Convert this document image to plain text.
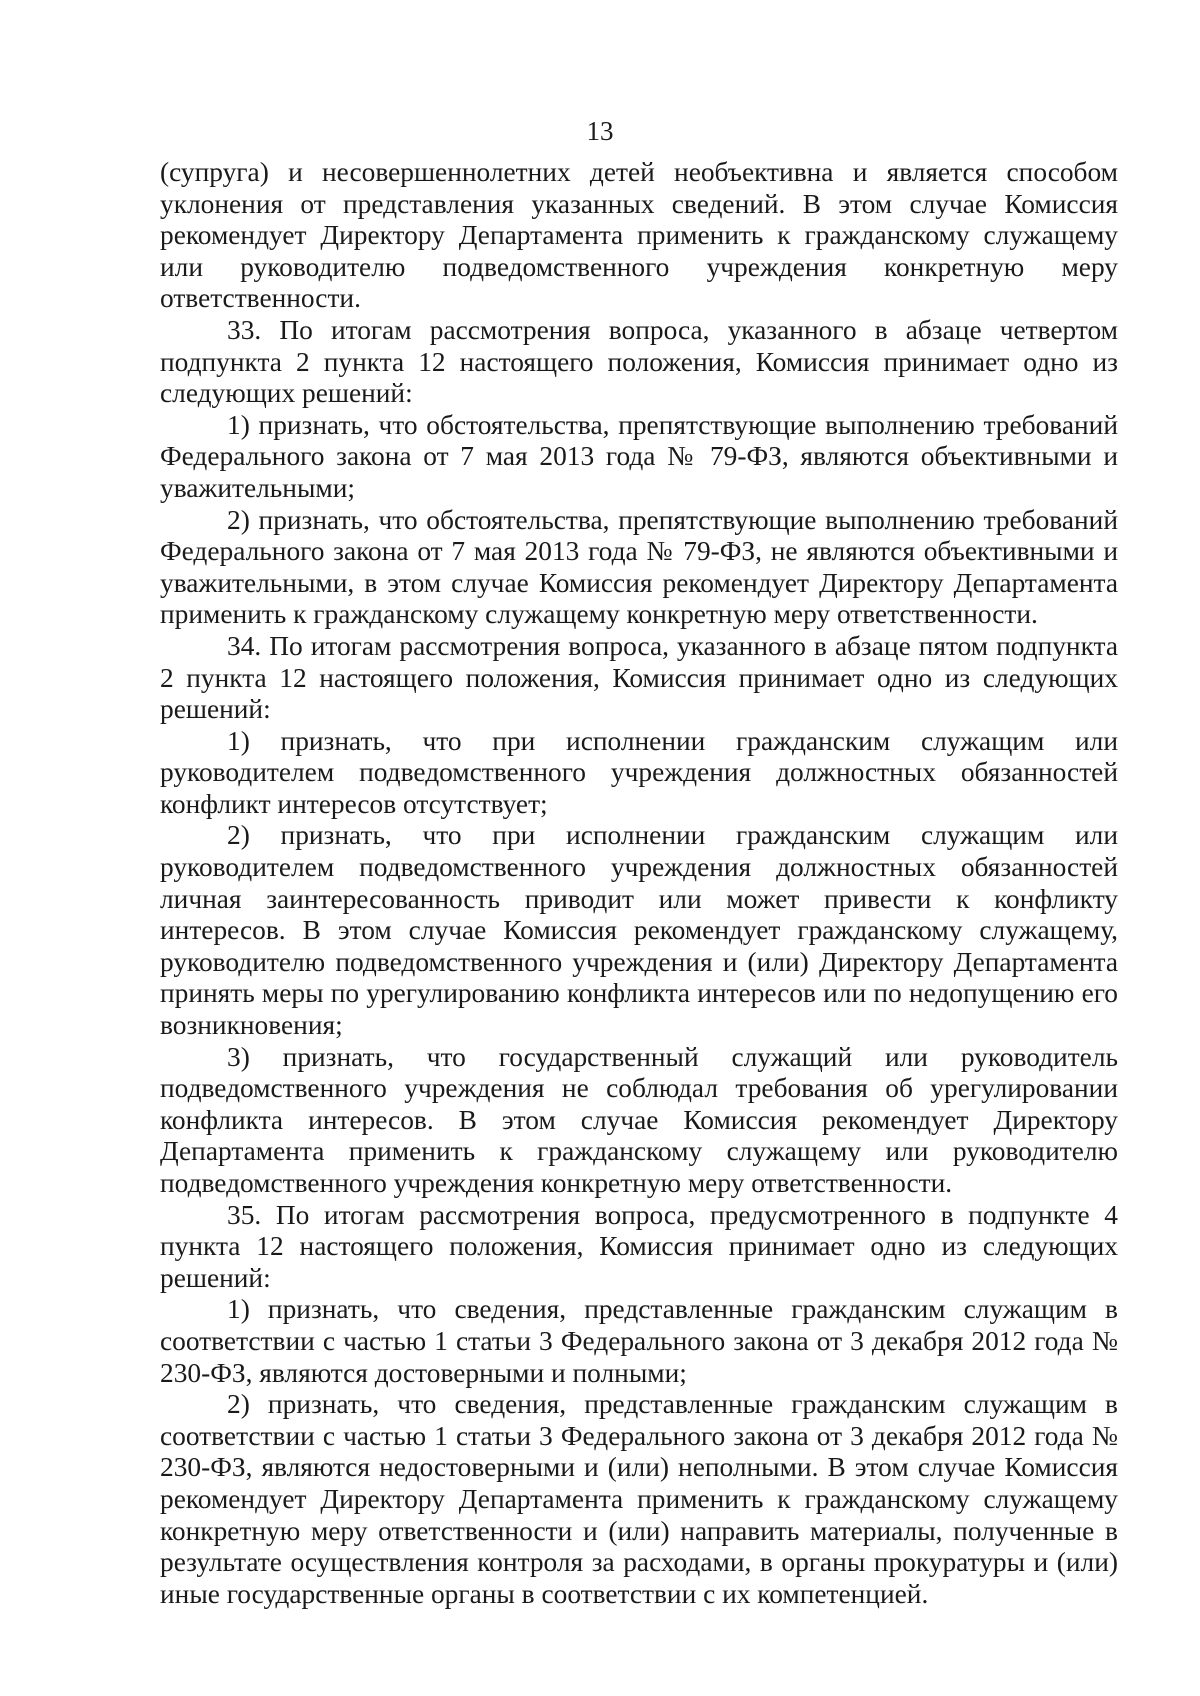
13

(супруга) и несовершеннолетних детей необъективна и является способом уклонения от представления указанных сведений. В этом случае Комиссия рекомендует Директору Департамента применить к гражданскому служащему или руководителю подведомственного учреждения конкретную меру ответственности.

33. По итогам рассмотрения вопроса, указанного в абзаце четвертом подпункта 2 пункта 12 настоящего положения, Комиссия принимает одно из следующих решений:

1) признать, что обстоятельства, препятствующие выполнению требований Федерального закона от 7 мая 2013 года № 79-ФЗ, являются объективными и уважительными;

2) признать, что обстоятельства, препятствующие выполнению требований Федерального закона от 7 мая 2013 года № 79-ФЗ, не являются объективными и уважительными, в этом случае Комиссия рекомендует Директору Департамента применить к гражданскому служащему конкретную меру ответственности.

34. По итогам рассмотрения вопроса, указанного в абзаце пятом подпункта 2 пункта 12 настоящего положения, Комиссия принимает одно из следующих решений:

1) признать, что при исполнении гражданским служащим или руководителем подведомственного учреждения должностных обязанностей конфликт интересов отсутствует;

2) признать, что при исполнении гражданским служащим или руководителем подведомственного учреждения должностных обязанностей личная заинтересованность приводит или может привести к конфликту интересов. В этом случае Комиссия рекомендует гражданскому служащему, руководителю подведомственного учреждения и (или) Директору Департамента принять меры по урегулированию конфликта интересов или по недопущению его возникновения;

3) признать, что государственный служащий или руководитель подведомственного учреждения не соблюдал требования об урегулировании конфликта интересов. В этом случае Комиссия рекомендует Директору Департамента применить к гражданскому служащему или руководителю подведомственного учреждения конкретную меру ответственности.

35. По итогам рассмотрения вопроса, предусмотренного в подпункте 4 пункта 12 настоящего положения, Комиссия принимает одно из следующих решений:

1) признать, что сведения, представленные гражданским служащим в соответствии с частью 1 статьи 3 Федерального закона от 3 декабря 2012 года № 230-ФЗ, являются достоверными и полными;

2) признать, что сведения, представленные гражданским служащим в соответствии с частью 1 статьи 3 Федерального закона от 3 декабря 2012 года № 230-ФЗ, являются недостоверными и (или) неполными. В этом случае Комиссия рекомендует Директору Департамента применить к гражданскому служащему конкретную меру ответственности и (или) направить материалы, полученные в результате осуществления контроля за расходами, в органы прокуратуры и (или) иные государственные органы в соответствии с их компетенцией.
